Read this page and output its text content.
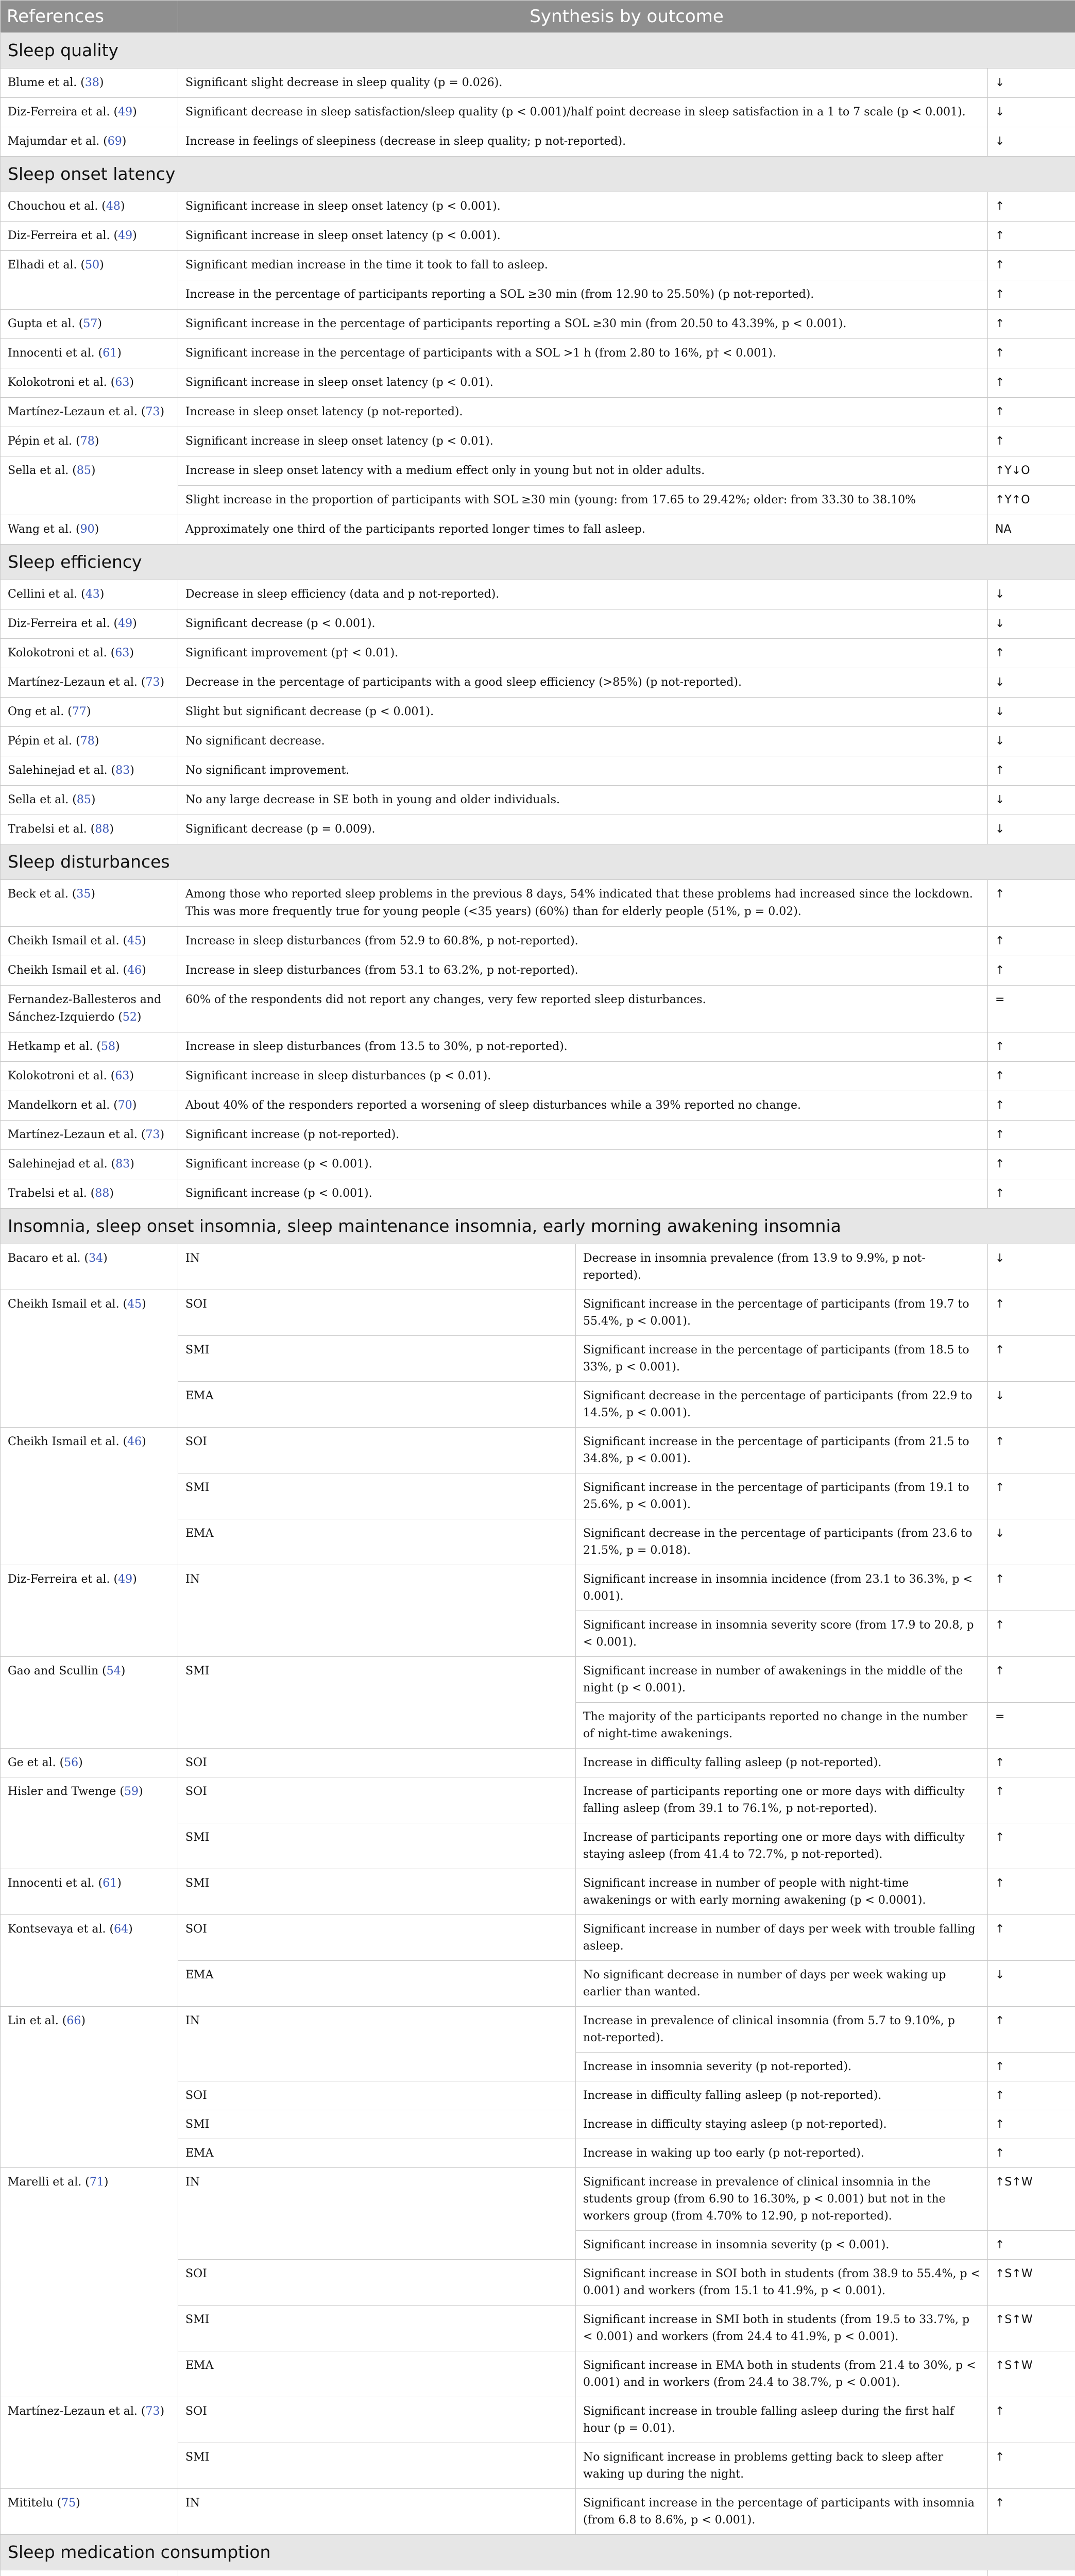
References	Synthesis by outcome		
Sleep quality			
Blume et al. (38)	Significant slight decrease in sleep quality (p = 0.026).		↓
Diz-Ferreira et al. (49)	Significant decrease in sleep satisfaction/sleep quality (p < 0.001)/half point decrease in sleep satisfaction in a 1 to 7 scale (p < 0.001).		↓
Majumdar et al. (69)	Increase in feelings of sleepiness (decrease in sleep quality; p not-reported).		↓
Sleep onset latency			
Chouchou et al. (48)	Significant increase in sleep onset latency (p < 0.001).		↑
Diz-Ferreira et al. (49)	Significant increase in sleep onset latency (p < 0.001).		↑
Elhadi et al. (50)	Significant median increase in the time it took to fall to asleep.		↑
	Increase in the percentage of participants reporting a SOL ≥30 min (from 12.90 to 25.50%) (p not-reported).		↑
Gupta et al. (57)	Significant increase in the percentage of participants reporting a SOL ≥30 min (from 20.50 to 43.39%, p < 0.001).		↑
Innocenti et al. (61)	Significant increase in the percentage of participants with a SOL >1 h (from 2.80 to 16%, p† < 0.001).		↑
Kolokotroni et al. (63)	Significant increase in sleep onset latency (p < 0.01).		↑
Martínez-Lezaun et al. (73)	Increase in sleep onset latency (p not-reported).		↑
Pépin et al. (78)	Significant increase in sleep onset latency (p < 0.01).		↑
Sella et al. (85)	Increase in sleep onset latency with a medium effect only in young but not in older adults.		↑Y↓O
	Slight increase in the proportion of participants with SOL ≥30 min (young: from 17.65 to 29.42%; older: from 33.30 to 38.10%		↑Y↑O
Wang et al. (90)	Approximately one third of the participants reported longer times to fall asleep.		NA
Sleep efficiency			
Cellini et al. (43)	Decrease in sleep efficiency (data and p not-reported).		↓
Diz-Ferreira et al. (49)	Significant decrease (p < 0.001).		↓
Kolokotroni et al. (63)	Significant improvement (p† < 0.01).		↑
Martínez-Lezaun et al. (73)	Decrease in the percentage of participants with a good sleep efficiency (>85%) (p not-reported).		↓
Ong et al. (77)	Slight but significant decrease (p < 0.001).		↓
Pépin et al. (78)	No significant decrease.		↓
Salehinejad et al. (83)	No significant improvement.		↑
Sella et al. (85)	No any large decrease in SE both in young and older individuals.		↓
Trabelsi et al. (88)	Significant decrease (p = 0.009).		↓
Sleep disturbances			
Beck et al. (35)	Among those who reported sleep problems in the previous 8 days, 54% indicated that these problems had increased since the lockdown. This was more frequently true for young people (<35 years) (60%) than for elderly people (51%, p = 0.02).		↑
Cheikh Ismail et al. (45)	Increase in sleep disturbances (from 52.9 to 60.8%, p not-reported).		↑
Cheikh Ismail et al. (46)	Increase in sleep disturbances (from 53.1 to 63.2%, p not-reported).		↑
Fernandez-Ballesteros and Sánchez-Izquierdo (52)	60% of the respondents did not report any changes, very few reported sleep disturbances.		=
Hetkamp et al. (58)	Increase in sleep disturbances (from 13.5 to 30%, p not-reported).		↑
Kolokotroni et al. (63)	Significant increase in sleep disturbances (p < 0.01).		↑
Mandelkorn et al. (70)	About 40% of the responders reported a worsening of sleep disturbances while a 39% reported no change.		↑
Martínez-Lezaun et al. (73)	Significant increase (p not-reported).		↑
Salehinejad et al. (83)	Significant increase (p < 0.001).		↑
Trabelsi et al. (88)	Significant increase (p < 0.001).		↑
Insomnia, sleep onset insomnia, sleep maintenance insomnia, early morning awakening insomnia			
Bacaro et al. (34)	IN	Decrease in insomnia prevalence (from 13.9 to 9.9%, p not-reported).	↓
Cheikh Ismail et al. (45)	SOI	Significant increase in the percentage of participants (from 19.7 to 55.4%, p < 0.001).	↑
	SMI	Significant increase in the percentage of participants (from 18.5 to 33%, p < 0.001).	↑
	EMA	Significant decrease in the percentage of participants (from 22.9 to 14.5%, p < 0.001).	↓
Cheikh Ismail et al. (46)	SOI	Significant increase in the percentage of participants (from 21.5 to 34.8%, p < 0.001).	↑
	SMI	Significant increase in the percentage of participants (from 19.1 to 25.6%, p < 0.001).	↑
	EMA	Significant decrease in the percentage of participants (from 23.6 to 21.5%, p = 0.018).	↓
Diz-Ferreira et al. (49)	IN	Significant increase in insomnia incidence (from 23.1 to 36.3%, p < 0.001).	↑
		Significant increase in insomnia severity score (from 17.9 to 20.8, p < 0.001).	↑
Gao and Scullin (54)	SMI	Significant increase in number of awakenings in the middle of the night (p < 0.001).	↑
		The majority of the participants reported no change in the number of night-time awakenings.	=
Ge et al. (56)	SOI	Increase in difficulty falling asleep (p not-reported).	↑
Hisler and Twenge (59)	SOI	Increase of participants reporting one or more days with difficulty falling asleep (from 39.1 to 76.1%, p not-reported).	↑
	SMI	Increase of participants reporting one or more days with difficulty staying asleep (from 41.4 to 72.7%, p not-reported).	↑
Innocenti et al. (61)	SMI	Significant increase in number of people with night-time awakenings or with early morning awakening (p < 0.0001).	↑
Kontsevaya et al. (64)	SOI	Significant increase in number of days per week with trouble falling asleep.	↑
	EMA	No significant decrease in number of days per week waking up earlier than wanted.	↓
Lin et al. (66)	IN	Increase in prevalence of clinical insomnia (from 5.7 to 9.10%, p not-reported).	↑
		Increase in insomnia severity (p not-reported).	↑
	SOI	Increase in difficulty falling asleep (p not-reported).	↑
	SMI	Increase in difficulty staying asleep (p not-reported).	↑
	EMA	Increase in waking up too early (p not-reported).	↑
Marelli et al. (71)	IN	Significant increase in prevalence of clinical insomnia in the students group (from 6.90 to 16.30%, p < 0.001) but not in the workers group (from 4.70% to 12.90, p not-reported).	↑S↑W
		Significant increase in insomnia severity (p < 0.001).	↑
	SOI	Significant increase in SOI both in students (from 38.9 to 55.4%, p < 0.001) and workers (from 15.1 to 41.9%, p < 0.001).	↑S↑W
	SMI	Significant increase in SMI both in students (from 19.5 to 33.7%, p < 0.001) and workers (from 24.4 to 41.9%, p < 0.001).	↑S↑W
	EMA	Significant increase in EMA both in students (from 21.4 to 30%, p < 0.001) and in workers (from 24.4 to 38.7%, p < 0.001).	↑S↑W
Martínez-Lezaun et al. (73)	SOI	Significant increase in trouble falling asleep during the first half hour (p = 0.01).	↑
	SMI	No significant increase in problems getting back to sleep after waking up during the night.	↑
Mititelu (75)	IN	Significant increase in the percentage of participants with insomnia (from 6.8 to 8.6%, p < 0.001).	↑
Sleep medication consumption			
